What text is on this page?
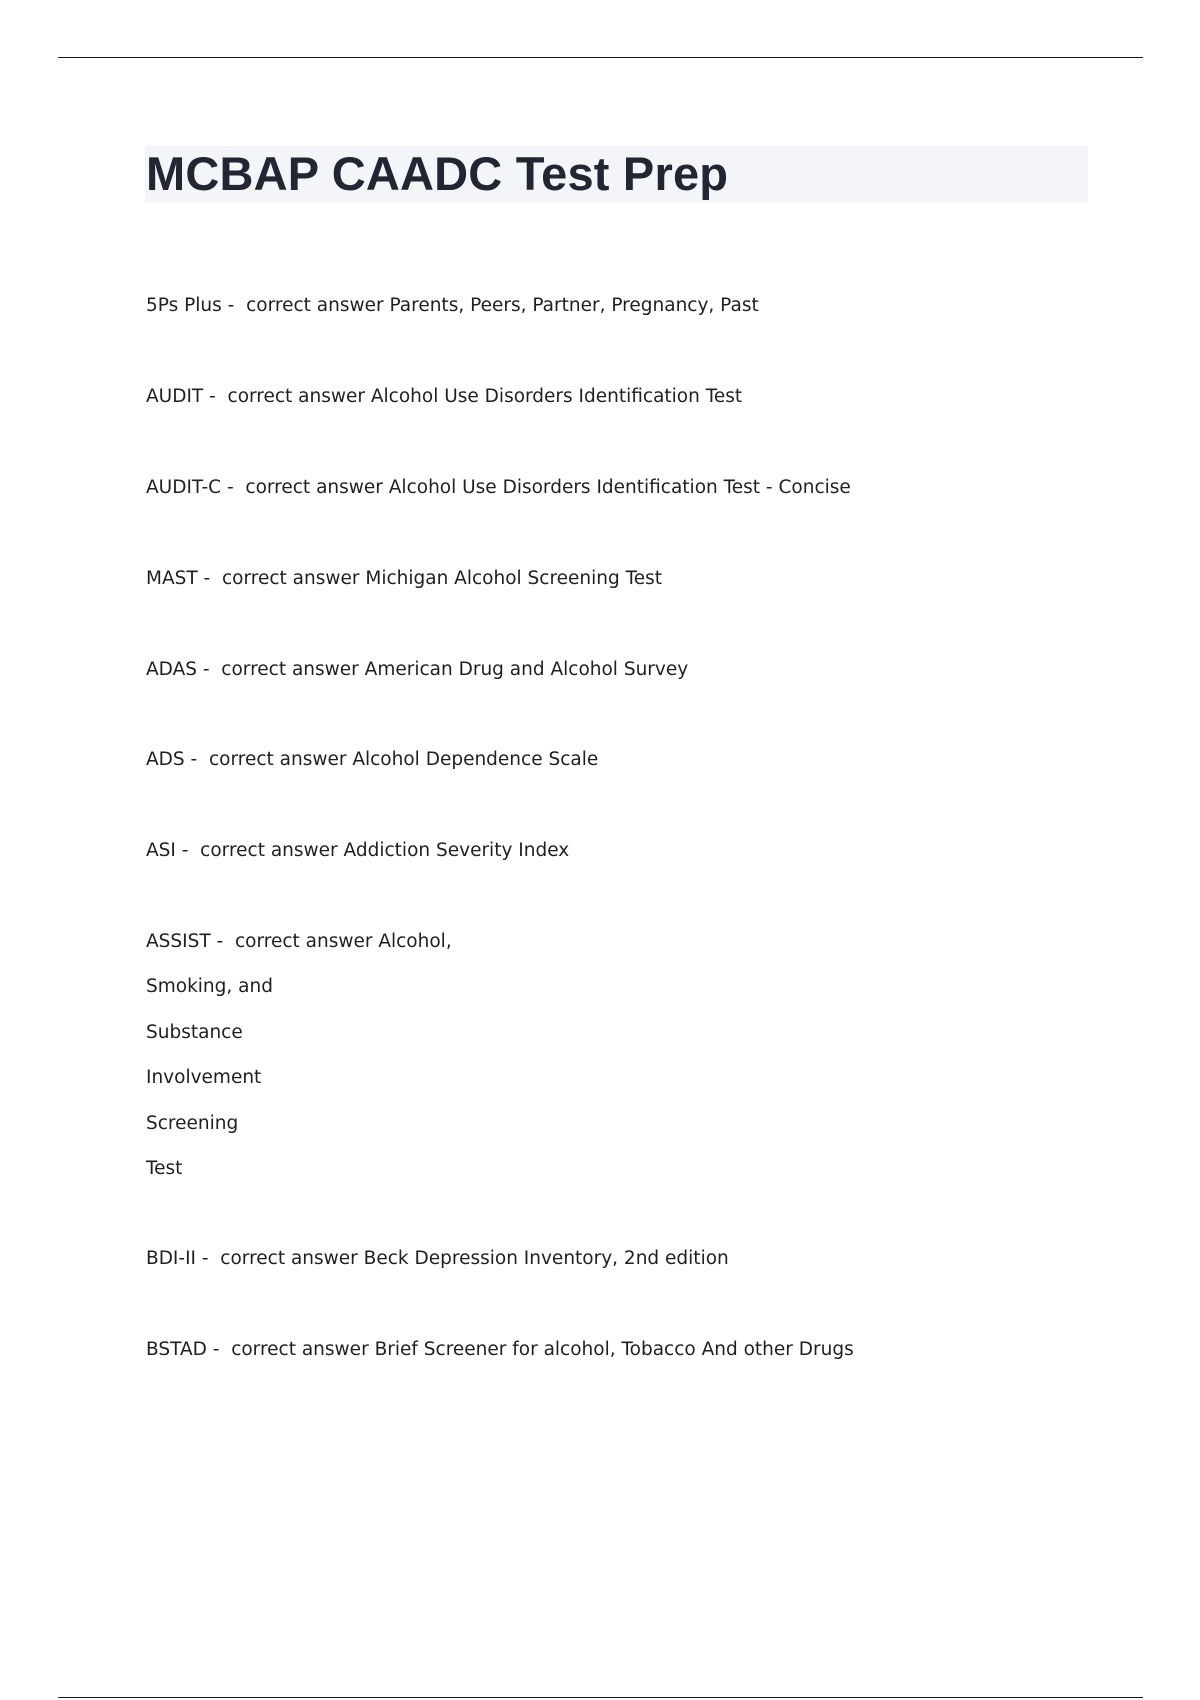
MCBAP CAADC Test Prep
5Ps Plus -  correct answer Parents, Peers, Partner, Pregnancy, Past
AUDIT -  correct answer Alcohol Use Disorders Identification Test
AUDIT-C -  correct answer Alcohol Use Disorders Identification Test - Concise
MAST -  correct answer Michigan Alcohol Screening Test
ADAS -  correct answer American Drug and Alcohol Survey
ADS -  correct answer Alcohol Dependence Scale
ASI -  correct answer Addiction Severity Index
ASSIST -  correct answer Alcohol,
Smoking, and
Substance
Involvement
Screening
Test
BDI-II -  correct answer Beck Depression Inventory, 2nd edition
BSTAD -  correct answer Brief Screener for alcohol, Tobacco And other Drugs
